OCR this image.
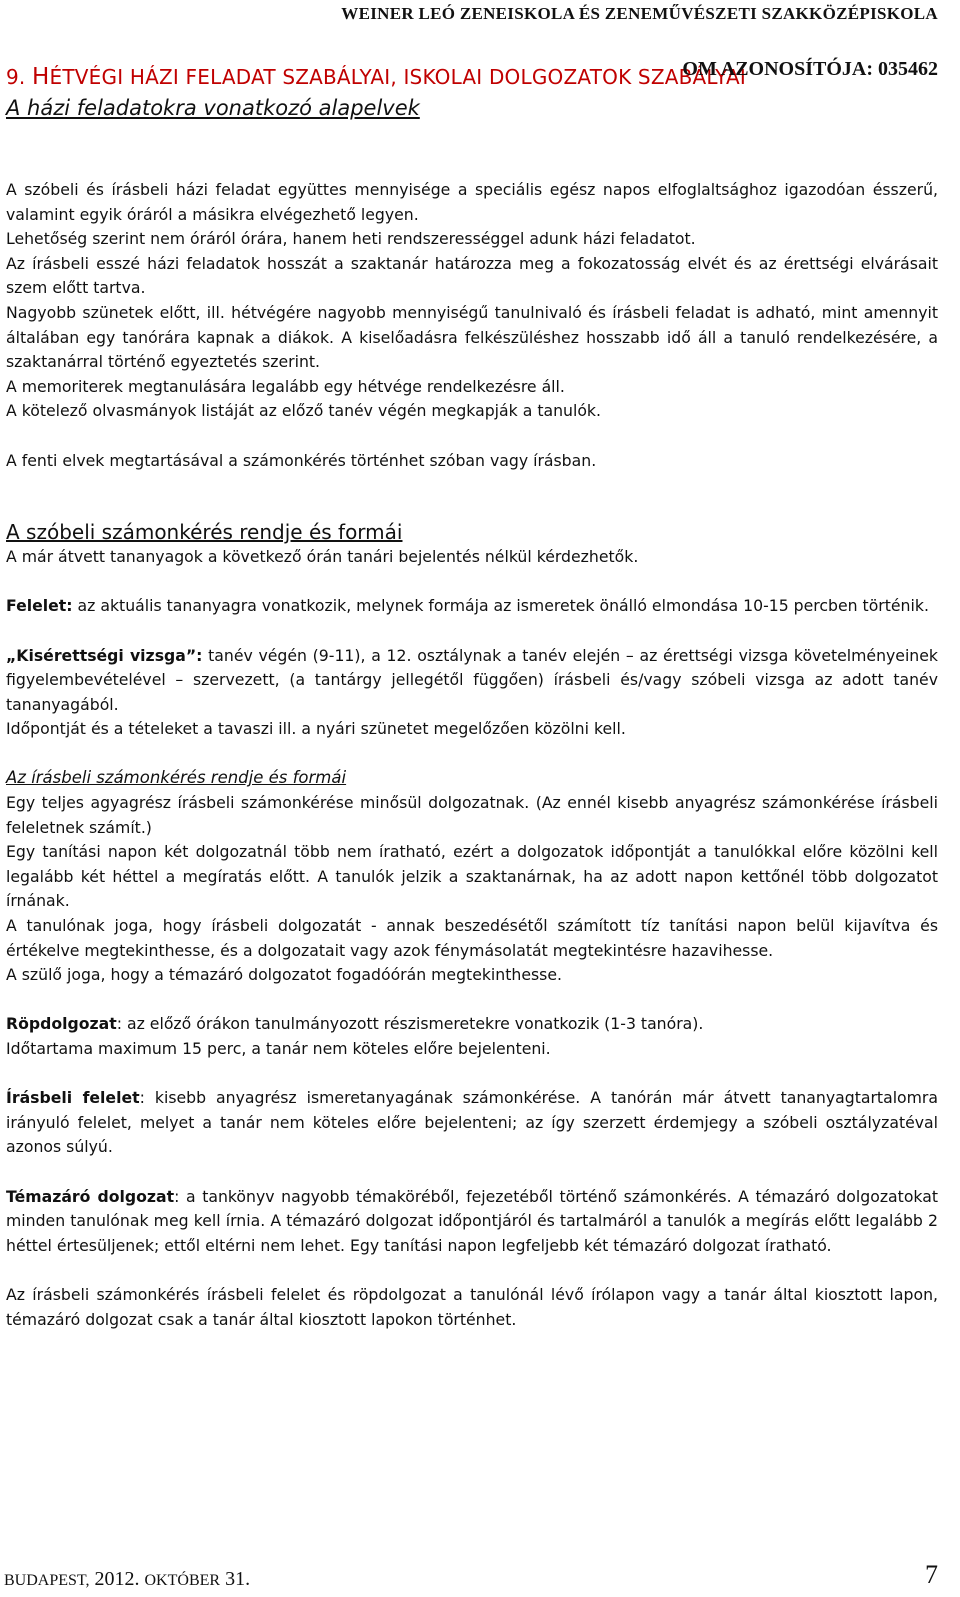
WEINER LEÓ ZENEISKOLA ÉS ZENEMŰVÉSZETI SZAKKÖZÉPISKOLA
9. HÉTVÉGI HÁZI FELADAT SZABÁLYAI, ISKOLAI DOLGOZATOK SZABÁLYAI
OM AZONOSÍTÓJA: 035462
A házi feladatokra vonatkozó alapelvek

A szóbeli és írásbeli házi feladat együttes mennyisége a speciális egész napos elfoglaltsághoz igazodóan ésszerű, valamint egyik óráról a másikra elvégezhető legyen.

Lehetőség szerint nem óráról órára, hanem heti rendszerességgel adunk házi feladatot.

Az írásbeli esszé házi feladatok hosszát a szaktanár határozza meg a fokozatosság elvét és az érettségi elvárásait szem előtt tartva.

Nagyobb szünetek előtt, ill. hétvégére nagyobb mennyiségű tanulnivaló és írásbeli feladat is adható, mint amennyit általában egy tanórára kapnak a diákok. A kiselőadásra felkészüléshez hosszabb idő áll a tanuló rendelkezésére, a szaktanárral történő egyeztetés szerint.

A memoriterek megtanulására legalább egy hétvége rendelkezésre áll.

A kötelező olvasmányok listáját az előző tanév végén megkapják a tanulók.

A fenti elvek megtartásával a számonkérés történhet szóban vagy írásban.

A szóbeli számonkérés rendje és formái

A már átvett tananyagok a következő órán tanári bejelentés nélkül kérdezhetők.

Felelet: az aktuális tananyagra vonatkozik, melynek formája az ismeretek önálló elmondása 10-15 percben történik.

„Kisérettségi vizsga”: tanév végén (9-11), a 12. osztálynak a tanév elején – az érettségi vizsga követelményeinek figyelembevételével – szervezett, (a tantárgy jellegétől függően) írásbeli és/vagy szóbeli vizsga az adott tanév tananyagából.

Időpontját és a tételeket a tavaszi ill. a nyári szünetet megelőzően közölni kell.

Az írásbeli számonkérés rendje és formái

Egy teljes agyagrész írásbeli számonkérése minősül dolgozatnak. (Az ennél kisebb anyagrész számonkérése írásbeli feleletnek számít.)

Egy tanítási napon két dolgozatnál több nem íratható, ezért a dolgozatok időpontját a tanulókkal előre közölni kell legalább két héttel a megíratás előtt. A tanulók jelzik a szaktanárnak, ha az adott napon kettőnél több dolgozatot írnának.

A tanulónak joga, hogy írásbeli dolgozatát - annak beszedésétől számított tíz tanítási napon belül kijavítva és értékelve megtekinthesse, és a dolgozatait vagy azok fénymásolatát megtekintésre hazavihesse.

A szülő joga, hogy a témazáró dolgozatot fogadóórán megtekinthesse.

Röpdolgozat: az előző órákon tanulmányozott részismeretekre vonatkozik (1-3 tanóra).

Időtartama maximum 15 perc, a tanár nem köteles előre bejelenteni.

Írásbeli felelet: kisebb anyagrész ismeretanyagának számonkérése. A tanórán már átvett tananyagtartalomra irányuló felelet, melyet a tanár nem köteles előre bejelenteni; az így szerzett érdemjegy a szóbeli osztályzatéval azonos súlyú.

Témazáró dolgozat: a tankönyv nagyobb témaköréből, fejezetéből történő számonkérés. A témazáró dolgozatokat minden tanulónak meg kell írnia. A témazáró dolgozat időpontjáról és tartalmáról a tanulók a megírás előtt legalább 2 héttel értesüljenek; ettől eltérni nem lehet. Egy tanítási napon legfeljebb két témazáró dolgozat íratható.

Az írásbeli számonkérés írásbeli felelet és röpdolgozat a tanulónál lévő írólapon vagy a tanár által kiosztott lapon, témazáró dolgozat csak a tanár által kiosztott lapokon történhet.

BUDAPEST, 2012. OKTÓBER 31.	7
